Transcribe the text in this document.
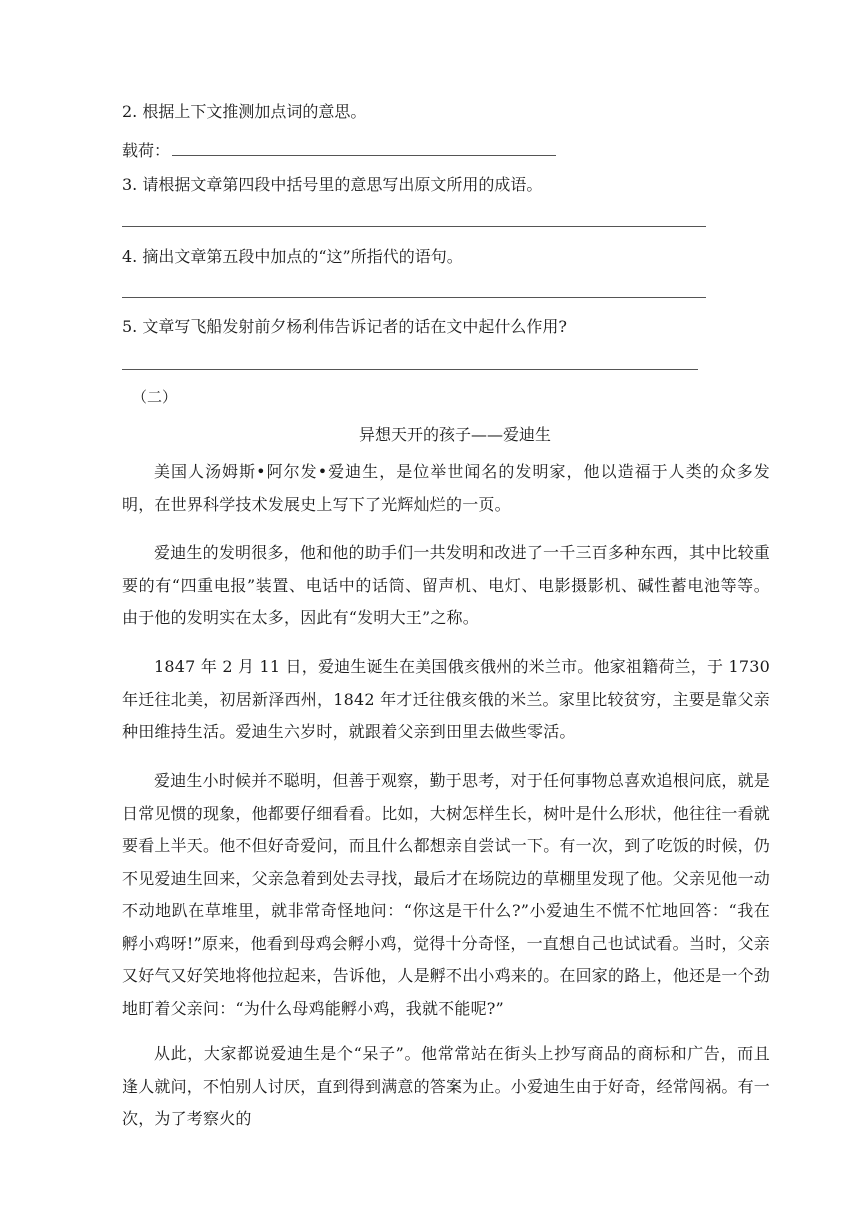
2. 根据上下文推测加点词的意思。
载荷：
3. 请根据文章第四段中括号里的意思写出原文所用的成语。
4. 摘出文章第五段中加点的“这”所指代的语句。
5. 文章写飞船发射前夕杨利伟告诉记者的话在文中起什么作用?
（二）
异想天开的孩子——爱迪生
美国人汤姆斯•阿尔发•爱迪生，是位举世闻名的发明家，他以造福于人类的众多发明，在世界科学技术发展史上写下了光辉灿烂的一页。
爱迪生的发明很多，他和他的助手们一共发明和改进了一千三百多种东西，其中比较重要的有“四重电报”装置、电话中的话筒、留声机、电灯、电影摄影机、碱性蓄电池等等。 由于他的发明实在太多，因此有“发明大王”之称。
1847 年 2 月 11 日，爱迪生诞生在美国俄亥俄州的米兰市。他家祖籍荷兰，于 1730 年迁往北美，初居新泽西州，1842 年才迁往俄亥俄的米兰。家里比较贫穷，主要是靠父亲种田维持生活。爱迪生六岁时，就跟着父亲到田里去做些零活。
爱迪生小时候并不聪明，但善于观察，勤于思考，对于任何事物总喜欢追根问底，就是日常见惯的现象，他都要仔细看看。比如，大树怎样生长，树叶是什么形状，他往往一看就要看上半天。他不但好奇爱问，而且什么都想亲自尝试一下。有一次，到了吃饭的时候，仍不见爱迪生回来，父亲急着到处去寻找，最后才在场院边的草棚里发现了他。父亲见他一动不动地趴在草堆里，就非常奇怪地问：“你这是干什么?”小爱迪生不慌不忙地回答：“我在孵小鸡呀!”原来，他看到母鸡会孵小鸡，觉得十分奇怪，一直想自己也试试看。当时，父亲又好气又好笑地将他拉起来，告诉他，人是孵不出小鸡来的。在回家的路上，他还是一个劲地盯着父亲问：“为什么母鸡能孵小鸡，我就不能呢?”
从此，大家都说爱迪生是个“呆子”。他常常站在街头上抄写商品的商标和广告，而且逢人就问，不怕别人讨厌，直到得到满意的答案为止。小爱迪生由于好奇，经常闯祸。有一次，为了考察火的
